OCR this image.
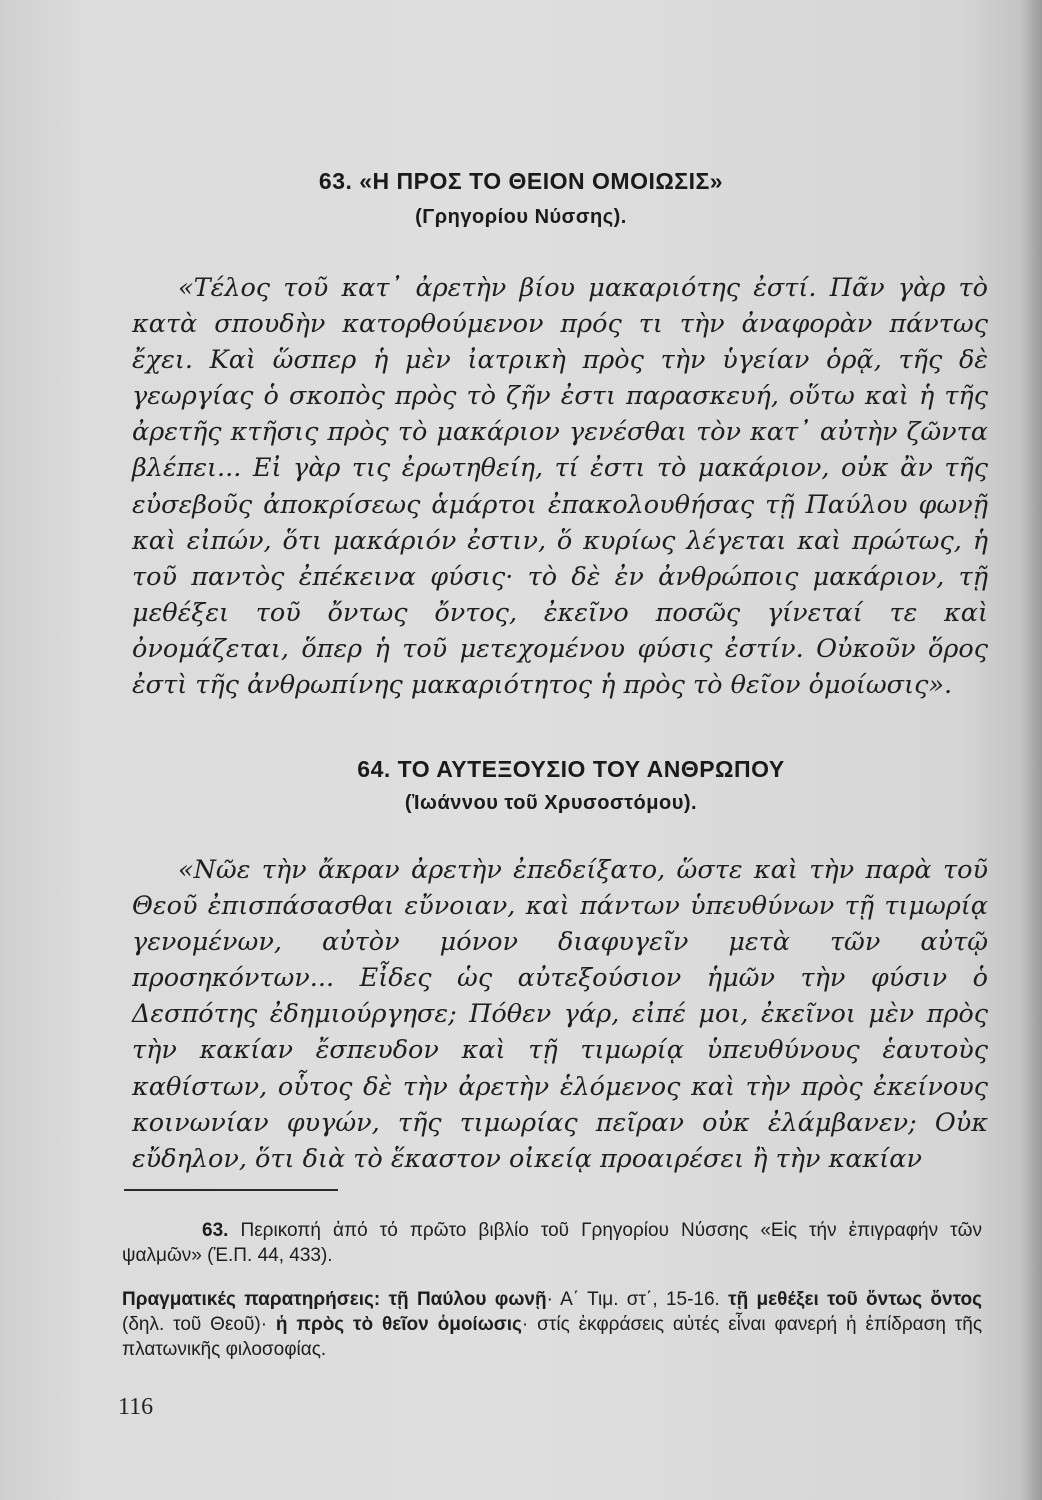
63. «Η ΠΡΟΣ ΤΟ ΘΕΙΟΝ ΟΜΟΙΩΣΙΣ»
(Γρηγορίου Νύσσης).

«Τέλος τοῦ κατ᾽ ἀρετὴν βίου μακαριότης ἐστί. Πᾶν γὰρ τὸ κατὰ σπουδὴν κατορθούμενον πρός τι τὴν ἀναφορὰν πάντως ἔχει. Καὶ ὥσπερ ἡ μὲν ἰατρικὴ πρὸς τὴν ὑγείαν ὁρᾷ, τῆς δὲ γεωργίας ὁ σκοπὸς πρὸς τὸ ζῆν ἐστι παρασκευή, οὕτω καὶ ἡ τῆς ἀρετῆς κτῆσις πρὸς τὸ μακάριον γενέσθαι τὸν κατ᾽ αὐτὴν ζῶντα βλέπει... Εἰ γὰρ τις ἐρωτηθείη, τί ἐστι τὸ μακάριον, οὐκ ἂν τῆς εὐσεβοῦς ἀποκρίσεως ἁμάρτοι ἐπακολουθήσας τῇ Παύλου φωνῇ καὶ εἰπών, ὅτι μακάριόν ἐστιν, ὅ κυρίως λέγεται καὶ πρώτως, ἡ τοῦ παντὸς ἐπέκεινα φύσις· τὸ δὲ ἐν ἀνθρώποις μακάριον, τῇ μεθέξει τοῦ ὄντως ὄντος, ἐκεῖνο ποσῶς γίνεταί τε καὶ ὀνομάζεται, ὅπερ ἡ τοῦ μετεχομένου φύσις ἐστίν. Οὐκοῦν ὅρος ἐστὶ τῆς ἀνθρωπίνης μακαριότητος ἡ πρὸς τὸ θεῖον ὁμοίωσις».

64. ΤΟ ΑΥΤΕΞΟΥΣΙΟ ΤΟΥ ΑΝΘΡΩΠΟΥ
(Ἰωάννου τοῦ Χρυσοστόμου).

«Νῶε τὴν ἄκραν ἀρετὴν ἐπεδείξατο, ὥστε καὶ τὴν παρὰ τοῦ Θεοῦ ἐπισπάσασθαι εὔνοιαν, καὶ πάντων ὑπευθύνων τῇ τιμωρίᾳ γενομένων, αὐτὸν μόνον διαφυγεῖν μετὰ τῶν αὐτῷ προσηκόντων... Εἶδες ὡς αὐτεξούσιον ἡμῶν τὴν φύσιν ὁ Δεσπότης ἐδημιούργησε; Πόθεν γάρ, εἰπέ μοι, ἐκεῖνοι μὲν πρὸς τὴν κακίαν ἔσπευδον καὶ τῇ τιμωρίᾳ ὑπευθύνους ἑαυτοὺς καθίστων, οὗτος δὲ τὴν ἀρετὴν ἑλόμενος καὶ τὴν πρὸς ἐκείνους κοινωνίαν φυγών, τῆς τιμωρίας πεῖραν οὐκ ἐλάμβανεν; Οὐκ εὔδηλον, ὅτι διὰ τὸ ἕκαστον οἰκείᾳ προαιρέσει ἢ τὴν κακίαν

63. Περικοπή ἀπό τό πρῶτο βιβλίο τοῦ Γρηγορίου Νύσσης «Εἰς τήν ἐπιγραφήν τῶν ψαλμῶν» (Ἐ.Π. 44, 433).

Πραγματικές παρατηρήσεις: τῇ Παύλου φωνῇ· Α΄ Τιμ. στ΄, 15-16. τῇ μεθέξει τοῦ ὄντως ὄντος (δηλ. τοῦ Θεοῦ)· ἡ πρὸς τὸ θεῖον ὁμοίωσις· στίς ἐκφράσεις αὐτές εἶναι φανερή ἡ ἐπίδραση τῆς πλατωνικῆς φιλοσοφίας.

116
